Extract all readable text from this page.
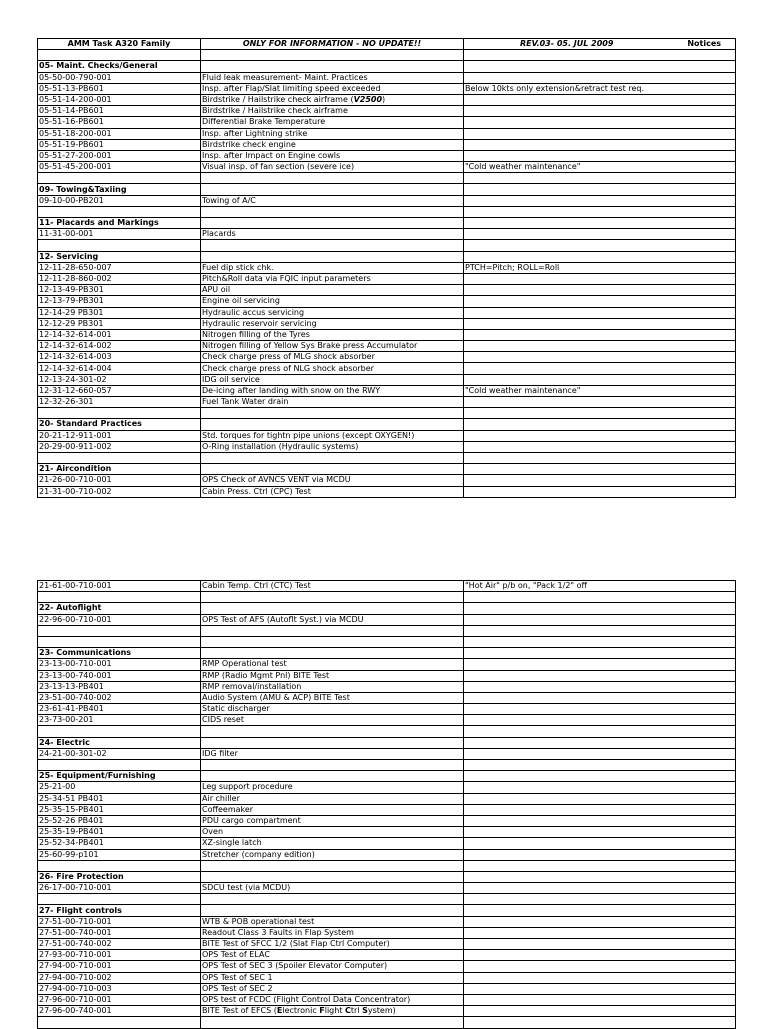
AMM Task A320 Family	ONLY FOR INFORMATION - NO UPDATE!!	REV.03- 05. JUL 2009 Notices

05- Maint. Checks/General		
05-50-00-790-001	Fluid leak measurement- Maint. Practices	
05-51-13-PB601	Insp. after Flap/Slat limiting speed exceeded	Below 10kts only extension&retract test req.
05-51-14-200-001	Birdstrike / Hailstrike check airframe (V2500)	
05-51-14-PB601	Birdstrike / Hailstrike check airframe	
05-51-16-PB601	Differential Brake Temperature	
05-51-18-200-001	Insp. after Lightning strike	
05-51-19-PB601	Birdstrike check engine	
05-51-27-200-001	Insp. after Impact on Engine cowls	
05-51-45-200-001	Visual insp. of fan section (severe ice)	"Cold weather maintenance"

09- Towing&Taxiing		
09-10-00-PB201	Towing of A/C	

11- Placards and Markings		
11-31-00-001	Placards	

12- Servicing		
12-11-28-650-007	Fuel dip stick chk.	PTCH=Pitch; ROLL=Roll
12-11-28-860-002	Pitch&Roll data via FQIC input parameters	
12-13-49-PB301	APU oil	
12-13-79-PB301	Engine oil servicing	
12-14-29 PB301	Hydraulic accus servicing	
12-12-29 PB301	Hydraulic reservoir servicing	
12-14-32-614-001	Nitrogen filling of the Tyres	
12-14-32-614-002	Nitrogen filling of Yellow Sys Brake press Accumulator	
12-14-32-614-003	Check charge press of MLG shock absorber	
12-14-32-614-004	Check charge press of NLG shock absorber	
12-13-24-301-02	IDG oil service	
12-31-12-660-057	De-icing after landing with snow on the RWY	"Cold weather maintenance"
12-32-26-301	Fuel Tank Water drain	

20- Standard Practices		
20-21-12-911-001	Std. torques for tightn pipe unions (except OXYGEN!)	
20-29-00-911-002	O-Ring installation (Hydraulic systems)	

21- Aircondition		
21-26-00-710-001	OPS Check of AVNCS VENT via MCDU	
21-31-00-710-002	Cabin Press. Ctrl (CPC) Test	
21-61-00-710-001	Cabin Temp. Ctrl (CTC) Test	"Hot Air" p/b on, "Pack 1/2" off

22- Autoflight		
22-96-00-710-001	OPS Test of AFS (Autoflt Syst.) via MCDU	

23- Communications		
23-13-00-710-001	RMP Operational test	
23-13-00-740-001	RMP (Radio Mgmt Pnl) BITE Test	
23-13-13-PB401	RMP removal/installation	
23-51-00-740-002	Audio System (AMU & ACP) BITE Test	
23-61-41-PB401	Static discharger	
23-73-00-201	CIDS reset	

24- Electric		
24-21-00-301-02	IDG filter	

25- Equipment/Furnishing		
25-21-00	Leg support procedure	
25-34-51 PB401	Air chiller	
25-35-15-PB401	Coffeemaker	
25-52-26 PB401	PDU cargo compartment	
25-35-19-PB401	Oven	
25-52-34-PB401	XZ-single latch	
25-60-99-p101	Stretcher (company edition)	

26- Fire Protection		
26-17-00-710-001	SDCU test (via MCDU)	

27- Flight controls		
27-51-00-710-001	WTB & POB operational test	
27-51-00-740-001	Readout Class 3 Faults in Flap System	
27-51-00-740-002	BITE Test of SFCC 1/2 (Slat Flap Ctrl Computer)	
27-93-00-710-001	OPS Test of ELAC	
27-94-00-710-001	OPS Test of SEC 3 (Spoiler Elevator Computer)	
27-94-00-710-002	OPS Test of SEC 1	
27-94-00-710-003	OPS Test of SEC 2	
27-96-00-710-001	OPS test of FCDC (Flight Control Data Concentrator)	
27-96-00-740-001	BITE Test of EFCS (Electronic Flight Ctrl System)	
